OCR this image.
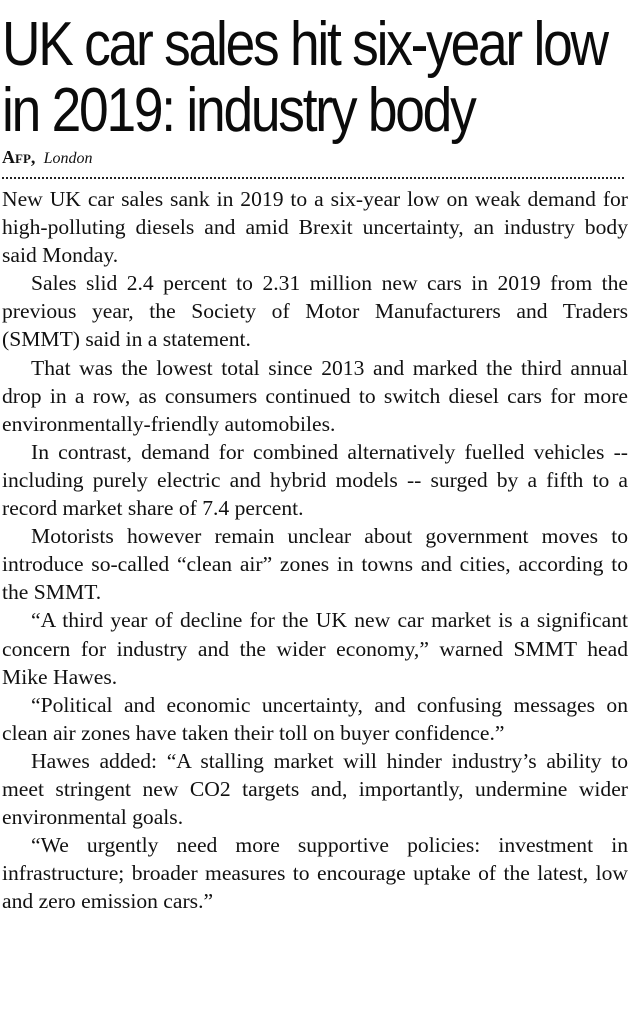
UK car sales hit six-year low in 2019: industry body
Afp, London

New UK car sales sank in 2019 to a six-year low on weak demand for high-polluting diesels and amid Brexit uncertainty, an industry body said Monday.

Sales slid 2.4 percent to 2.31 million new cars in 2019 from the previous year, the Society of Motor Manufacturers and Traders (SMMT) said in a statement.

That was the lowest total since 2013 and marked the third annual drop in a row, as consumers continued to switch diesel cars for more environmentally-friendly automobiles.

In contrast, demand for combined alternatively fuelled vehicles -- including purely electric and hybrid models -- surged by a fifth to a record market share of 7.4 percent.

Motorists however remain unclear about government moves to introduce so-called “clean air” zones in towns and cities, according to the SMMT.

“A third year of decline for the UK new car market is a significant concern for industry and the wider economy,” warned SMMT head Mike Hawes.

“Political and economic uncertainty, and confusing messages on clean air zones have taken their toll on buyer confidence.”

Hawes added: “A stalling market will hinder industry’s ability to meet stringent new CO2 targets and, importantly, undermine wider environmental goals.

“We urgently need more supportive policies: investment in infrastructure; broader measures to encourage uptake of the latest, low and zero emission cars.”
